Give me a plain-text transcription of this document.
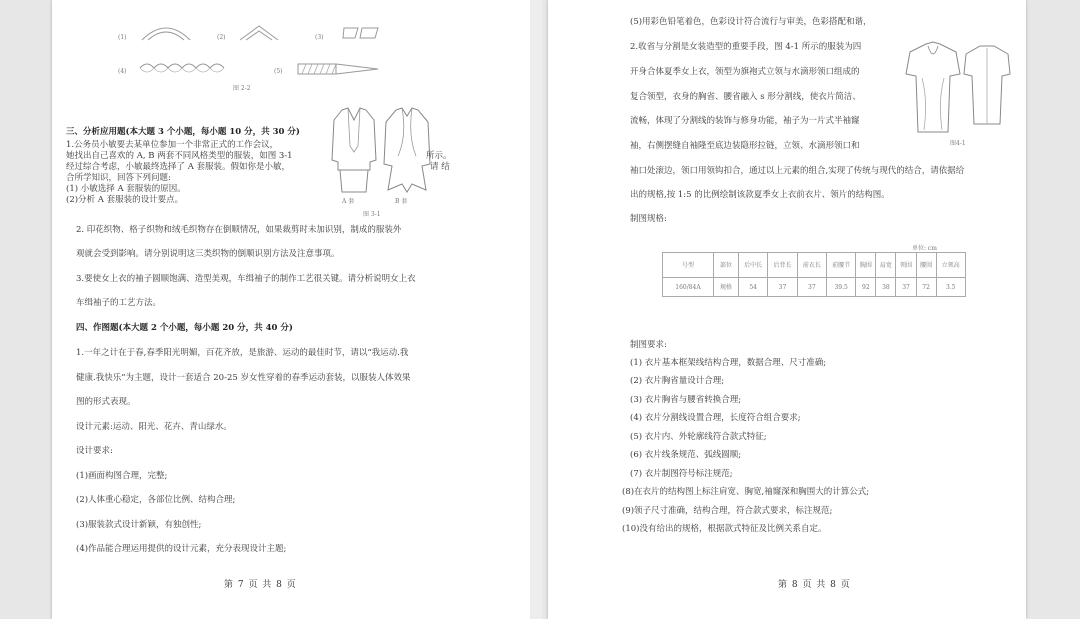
(1)	(2)	(3)
(4)	(5)
图 2-2
A 套	B 套
图 3-1
三、分析应用题(本大题 3 个小题，每小题 10 分，共 30 分)
1.公务员小敏要去某单位参加一个非常正式的工作会议，
她找出自己喜欢的 A, B 两套不同风格类型的服装，如图 3-1
经过综合考虑，小敏最终选择了 A 套服装。假如你是小敏，
合所学知识，回答下列问题:
(1) 小敏选择 A 套服装的原因。
(2)分析 A 套服装的设计要点。
所示。
请 结
2. 印花织物、格子织物和绒毛织物存在倒顺情况，如果裁剪时未加识别，制成的服装外
观就会受到影响。请分别说明这三类织物的倒顺识别方法及注意事项。
3.要使女上衣的袖子圆顺饱满、造型美观，车缉袖子的制作工艺很关键。请分析说明女上衣
车缉袖子的工艺方法。
四、作图题(本大题 2 个小题，每小题 20 分，共 40 分)
1.一年之计在于春,春季阳光明媚，百花齐放，是旅游、运动的最佳时节，请以“我运动.我
健康.我快乐”为主题，设计一套适合 20-25 岁女性穿着的春季运动套装，以服装人体效果
图的形式表现。
设计元素:运动、阳光、花卉、青山绿水。
设计要求:
(1)画面构图合理，完整;
(2)人体重心稳定，各部位比例、结构合理;
(3)服装款式设计新颖，有独创性;
(4)作品能合理运用提供的设计元素，充分表现设计主题;
第 7 页 共 8 页
(5)用彩色铅笔着色，色彩设计符合流行与审美，色彩搭配和谐，
2.收省与分割是女装造型的重要手段，图 4-1 所示的服装为四
开身合体夏季女上衣，领型为旗袍式立领与水滴形领口组成的
复合领型，衣身的胸省、腰省融入 s 形分割线，使衣片简洁、
流畅，体现了分割线的装饰与修身功能，袖子为一片式半袖窿
袖，右侧摆缝自袖隆至底边装隐形拉链，立领、水滴形领口和
袖口处滚边，领口用领钩扣合，通过以上元素的组合,实现了传统与现代的结合，请依据给
出的规格,按 1:5 的比例绘制该款夏季女上衣前衣片、领片的结构图。
图4-1
制图规格:
单位: cm
号型	部位	后中长	后背长	前衣长	前腰节	胸围	肩宽	领围	腰围	立领高
160/84A	规格	54	37	37	39.5	92	38	37	72	3.5
制图要求:
(1) 衣片基本框架线结构合理，数据合理、尺寸准确;
(2) 衣片胸省量设计合理;
(3) 衣片胸省与腰省转换合理;
(4) 衣片分割线设置合理，长度符合组合要求;
(5) 衣片内、外轮廓线符合款式特征;
(6) 衣片线条规范、弧线圆顺;
(7) 衣片制图符号标注规范;
(8)在衣片的结构图上标注肩宽、胸宽,袖窿深和胸围大的计算公式;
(9)领子尺寸准确，结构合理，符合款式要求，标注规范;
(10)没有给出的规格，根据款式特征及比例关系自定。
第 8 页 共 8 页
